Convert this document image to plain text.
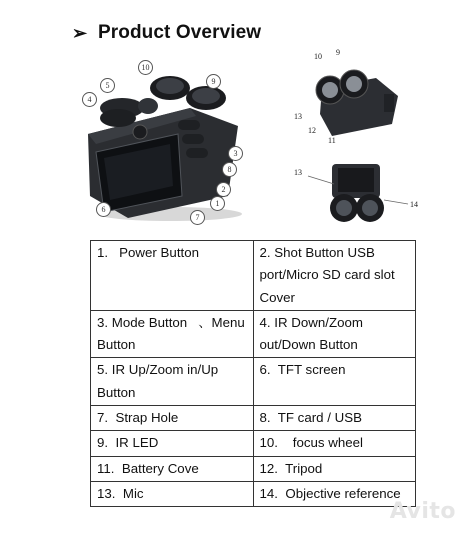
➢ Product Overview
4
5
10
9
3
8
2
1
6
7
10 9
13
12
11
13
14
1.   Power Button	2. Shot Button USB port/Micro SD card slot Cover
3. Mode Button   、Menu Button	4. IR Down/Zoom out/Down Button
5. IR Up/Zoom in/Up Button	6.  TFT screen
7.  Strap Hole	8.  TF card / USB
9.  IR LED	10.    focus wheel
11.  Battery Cove	12.  Tripod
13.  Mic	14.  Objective reference
Avito
